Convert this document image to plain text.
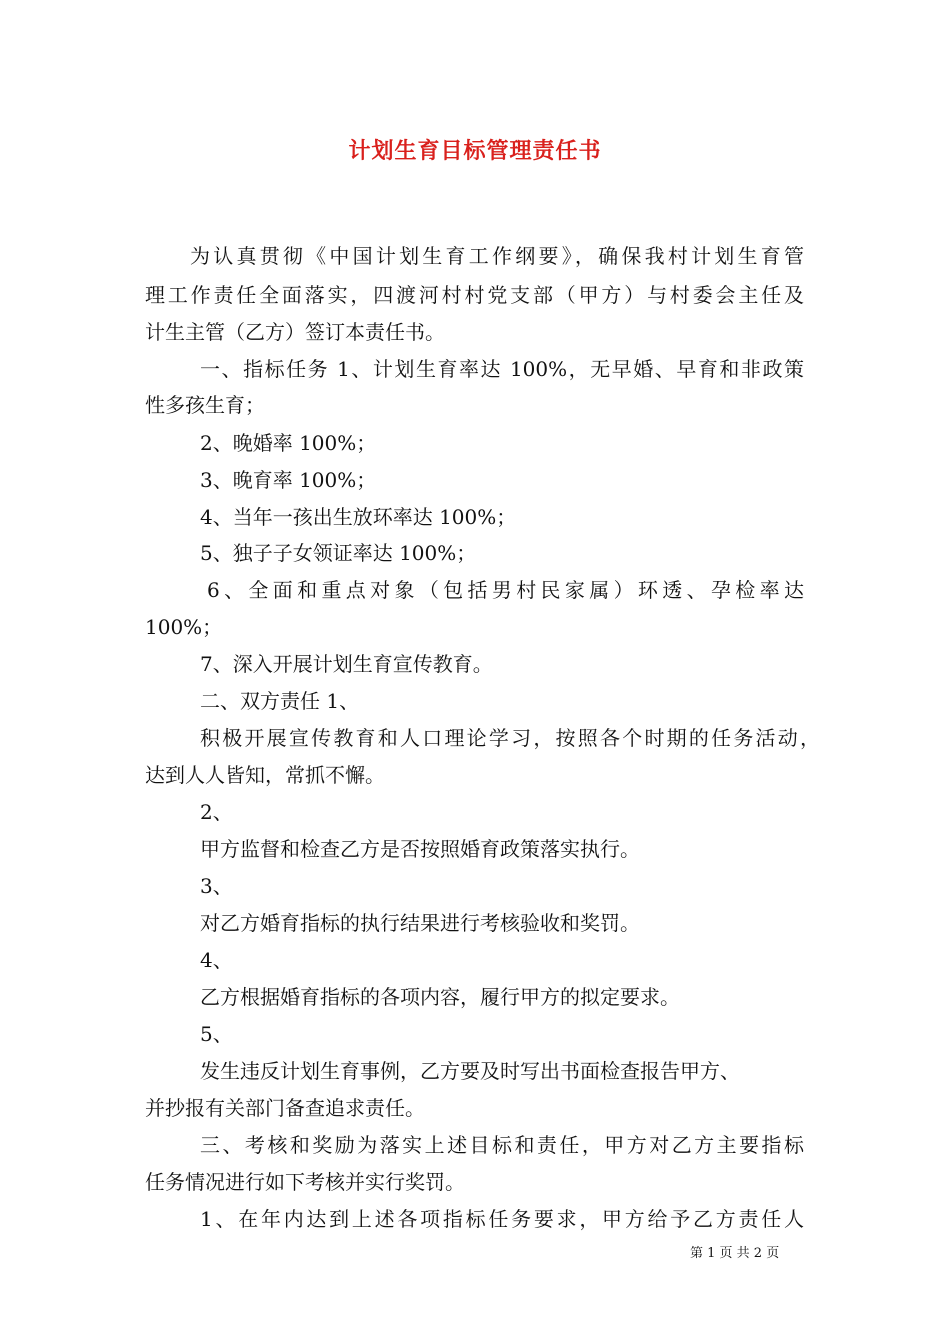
计划生育目标管理责任书
为认真贯彻《中国计划生育工作纲要》，确保我村计划生育管
理工作责任全面落实，四渡河村村党支部（甲方）与村委会主任及
计生主管（乙方）签订本责任书。
一、指标任务 1、计划生育率达 100%，无早婚、早育和非政策
性多孩生育；
2、晚婚率 100%；
3、晚育率 100%；
4、当年一孩出生放环率达 100%；
5、独子子女领证率达 100%；
6、全面和重点对象（包括男村民家属）环透、孕检率达
100%；
7、深入开展计划生育宣传教育。
二、双方责任 1、
积极开展宣传教育和人口理论学习，按照各个时期的任务活动，
达到人人皆知，常抓不懈。
2、
甲方监督和检查乙方是否按照婚育政策落实执行。
3、
对乙方婚育指标的执行结果进行考核验收和奖罚。
4、
乙方根据婚育指标的各项内容，履行甲方的拟定要求。
5、
发生违反计划生育事例，乙方要及时写出书面检查报告甲方、
并抄报有关部门备查追求责任。
三、考核和奖励为落实上述目标和责任，甲方对乙方主要指标
任务情况进行如下考核并实行奖罚。
1、在年内达到上述各项指标任务要求，甲方给予乙方责任人
第 1 页 共 2 页
